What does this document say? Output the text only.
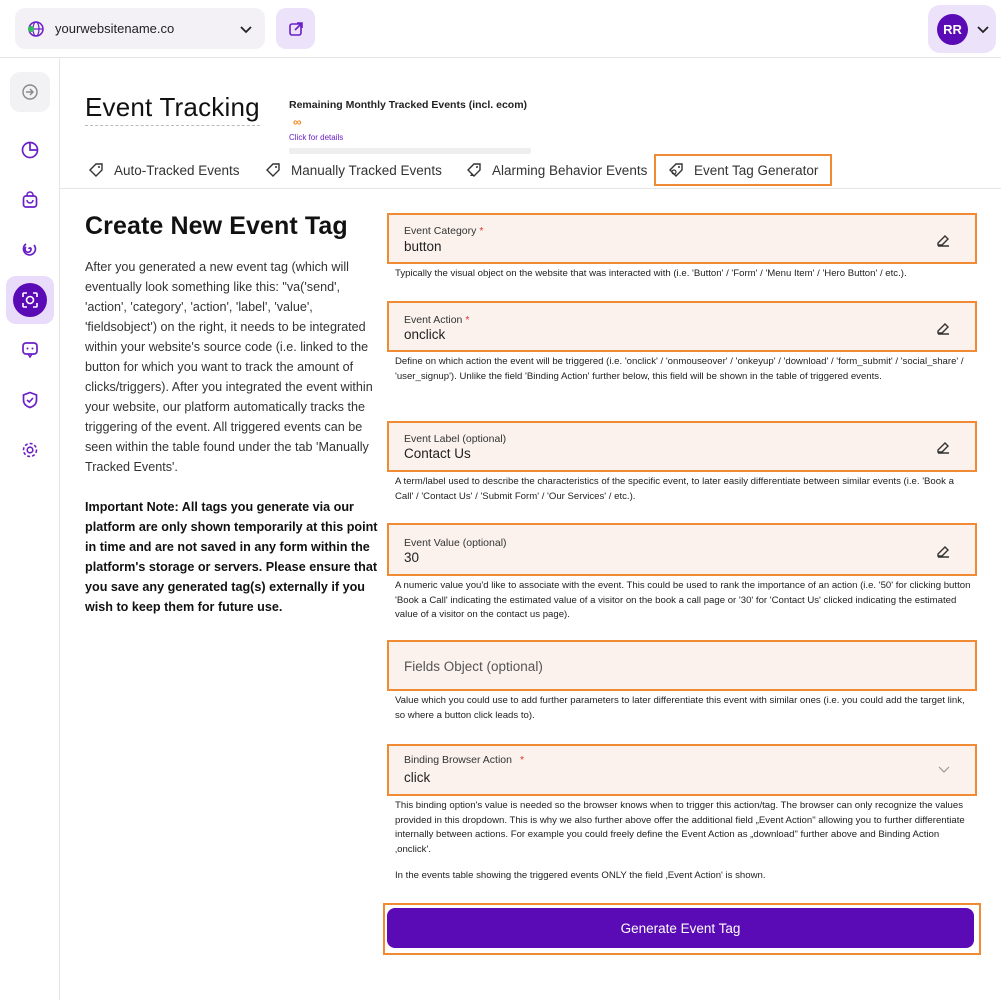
yourwebsitename.co	RR
Event Tracking	Remaining Monthly Tracked Events (incl. ecom) ∞
Click for details
Auto-Tracked Events	Manually Tracked Events	Alarming Behavior Events	Event Tag Generator
Create New Event Tag
After you generated a new event tag (which will eventually look something like this: "va('send', 'action', 'category', 'action', 'label', 'value', 'fieldsobject') on the right, it needs to be integrated within your website's source code (i.e. linked to the button for which you want to track the amount of clicks/triggers). After you integrated the event within your website, our platform automatically tracks the triggering of the event. All triggered events can be seen within the table found under the tab 'Manually Tracked Events'.
Important Note: All tags you generate via our platform are only shown temporarily at this point in time and are not saved in any form within the platform's storage or servers. Please ensure that you save any generated tag(s) externally if you wish to keep them for future use.
Event Category *
button
Typically the visual object on the website that was interacted with (i.e. 'Button' / 'Form' / 'Menu Item' / 'Hero Button' / etc.).
Event Action *
onclick
Define on which action the event will be triggered (i.e. 'onclick' / 'onmouseover' / 'onkeyup' / 'download' / 'form_submit' / 'social_share' / 'user_signup'). Unlike the field 'Binding Action' further below, this field will be shown in the table of triggered events.
Event Label (optional)
Contact Us
A term/label used to describe the characteristics of the specific event, to later easily differentiate between similar events (i.e. 'Book a Call' / 'Contact Us' / 'Submit Form' / 'Our Services' / etc.).
Event Value (optional)
30
A numeric value you'd like to associate with the event. This could be used to rank the importance of an action (i.e. '50' for clicking button 'Book a Call' indicating the estimated value of a visitor on the book a call page or '30' for 'Contact Us' clicked indicating the estimated value of a visitor on the contact us page).
Fields Object (optional)
Value which you could use to add further parameters to later differentiate this event with similar ones (i.e. you could add the target link, so where a button click leads to).
Binding Browser Action *
click
This binding option's value is needed so the browser knows when to trigger this action/tag. The browser can only recognize the values provided in this dropdown. This is why we also further above offer the additional field „Event Action" allowing you to further differentiate internally between actions. For example you could freely define the Event Action as „download" further above and Binding Action ‚onclick'.
In the events table showing the triggered events ONLY the field ‚Event Action' is shown.
Generate Event Tag
